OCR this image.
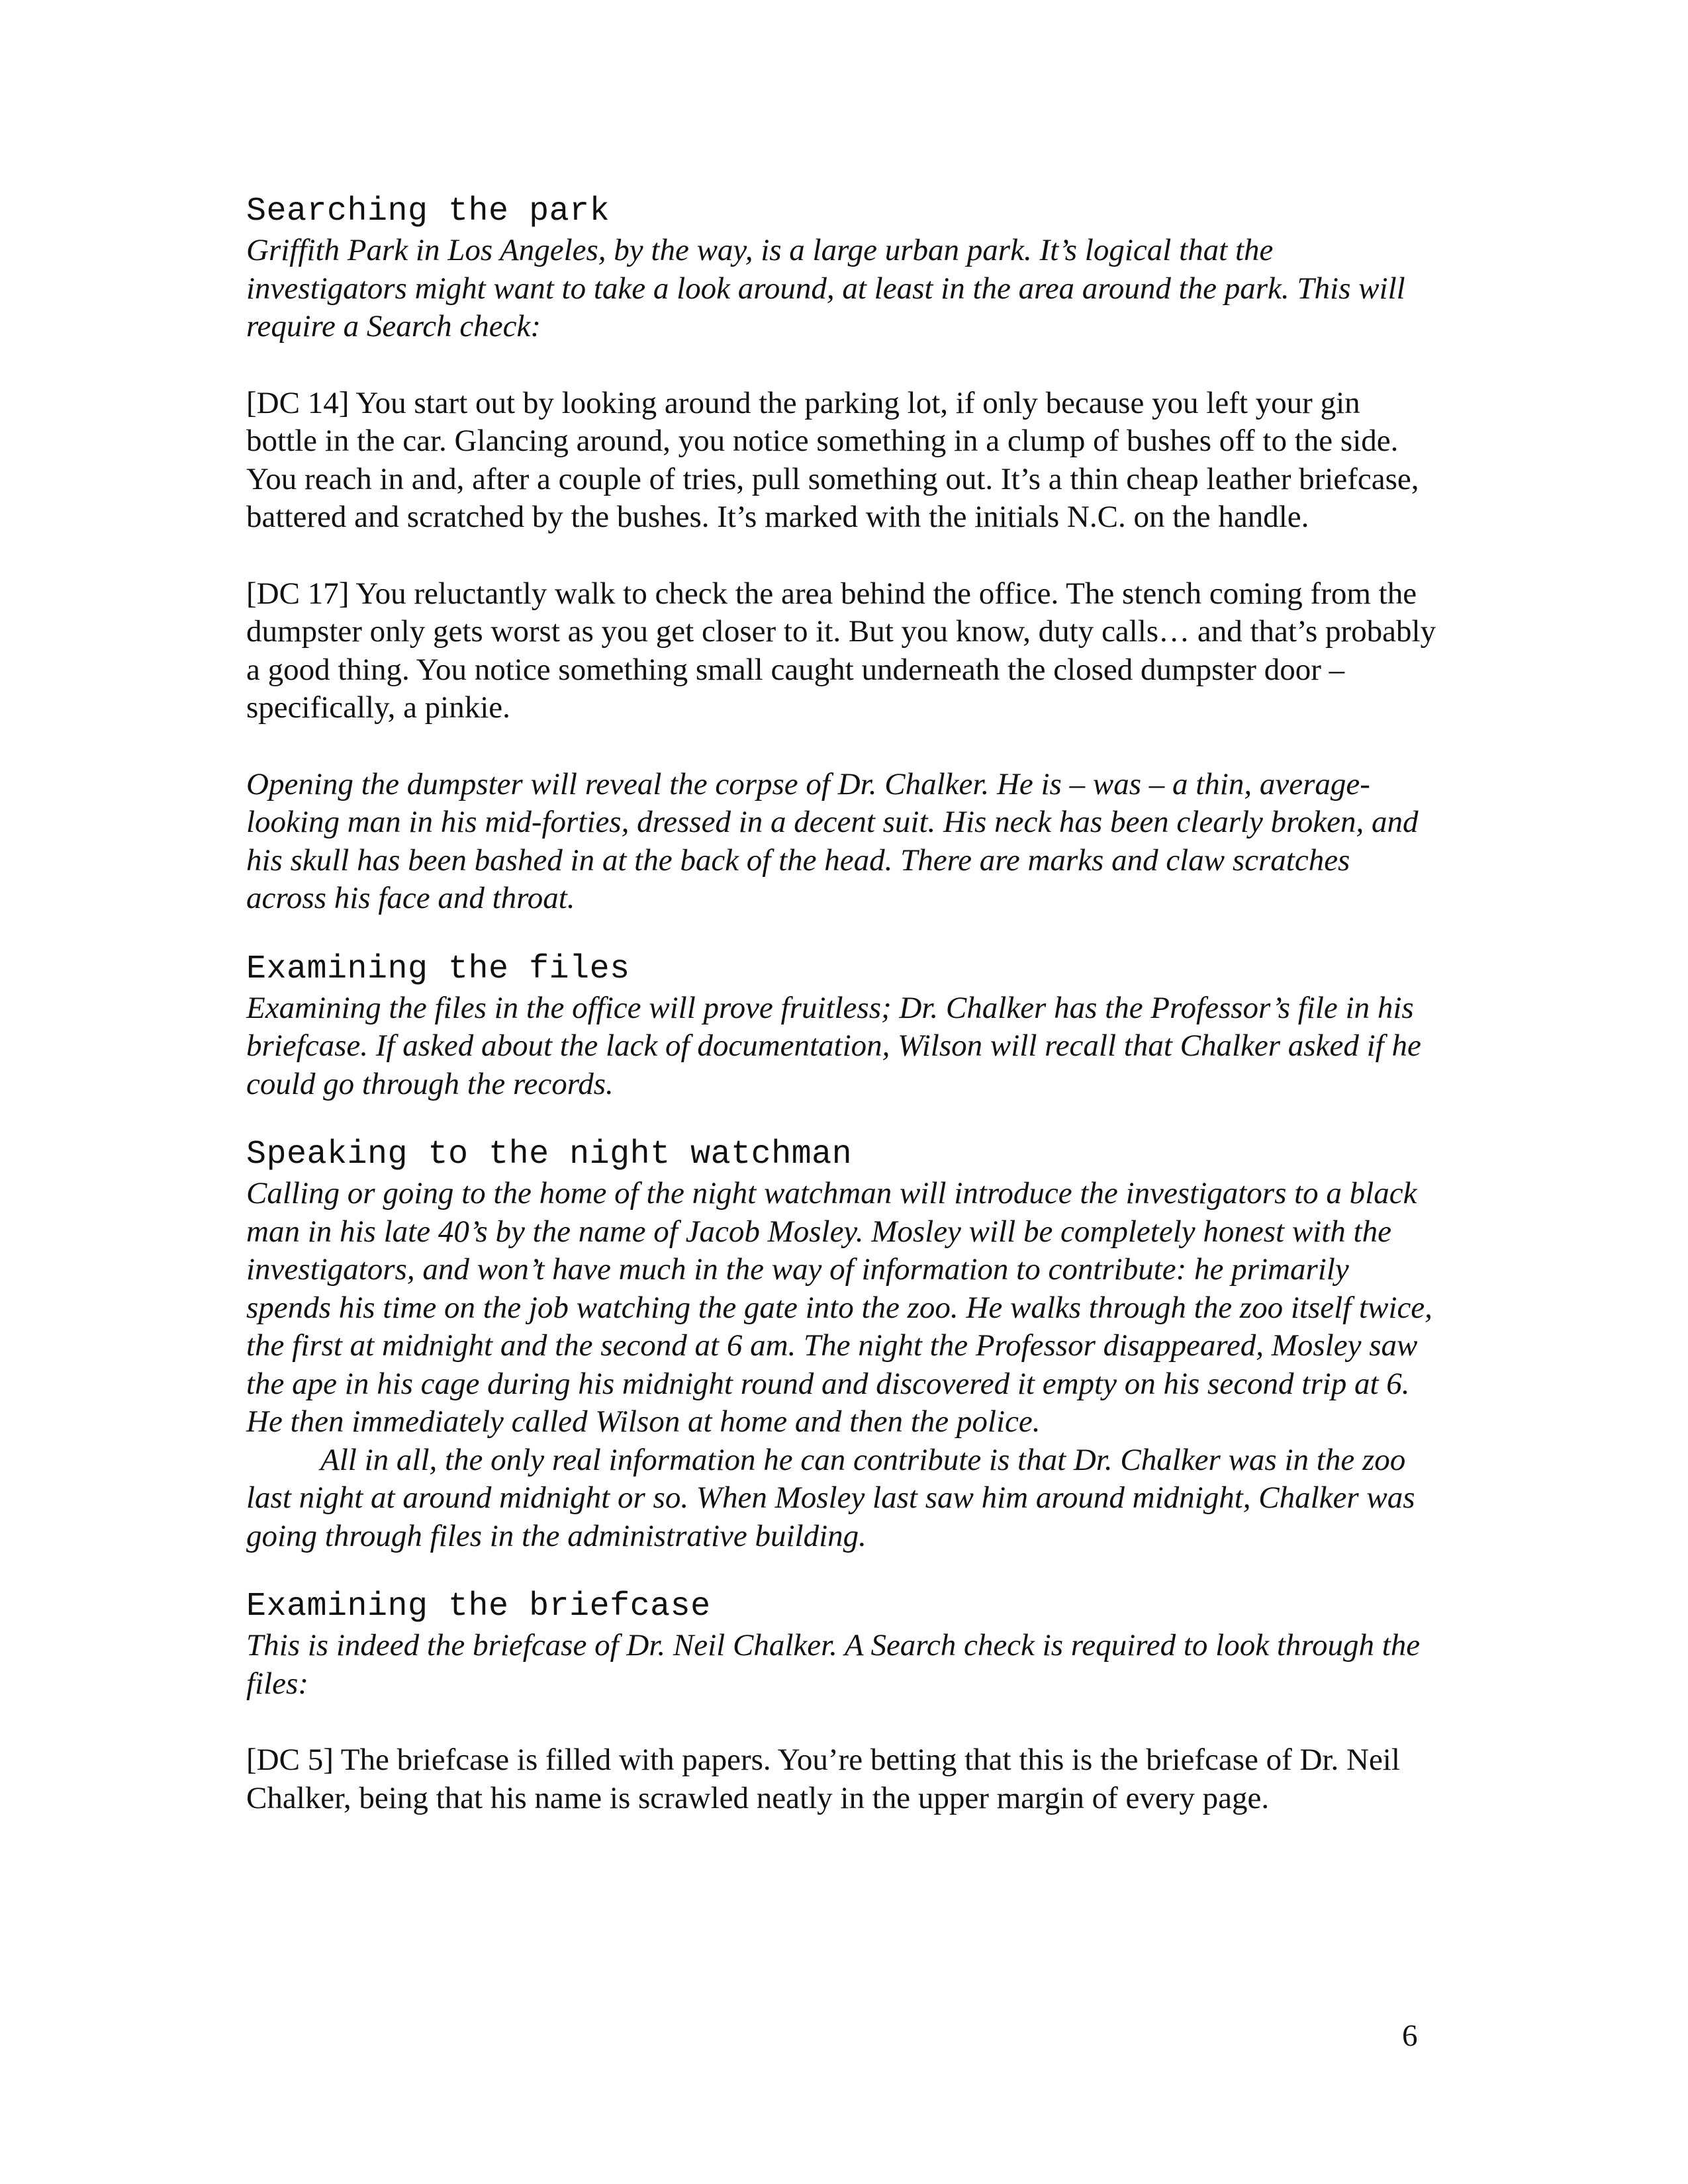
Searching the park

Griffith Park in Los Angeles, by the way, is a large urban park. It’s logical that the investigators might want to take a look around, at least in the area around the park. This will require a Search check:

[DC 14] You start out by looking around the parking lot, if only because you left your gin bottle in the car. Glancing around, you notice something in a clump of bushes off to the side. You reach in and, after a couple of tries, pull something out. It’s a thin cheap leather briefcase, battered and scratched by the bushes. It’s marked with the initials N.C. on the handle.

[DC 17] You reluctantly walk to check the area behind the office. The stench coming from the dumpster only gets worst as you get closer to it. But you know, duty calls… and that’s probably a good thing. You notice something small caught underneath the closed dumpster door – specifically, a pinkie.

Opening the dumpster will reveal the corpse of Dr. Chalker. He is – was – a thin, average-looking man in his mid-forties, dressed in a decent suit. His neck has been clearly broken, and his skull has been bashed in at the back of the head. There are marks and claw scratches across his face and throat.

Examining the files

Examining the files in the office will prove fruitless; Dr. Chalker has the Professor’s file in his briefcase. If asked about the lack of documentation, Wilson will recall that Chalker asked if he could go through the records.

Speaking to the night watchman

Calling or going to the home of the night watchman will introduce the investigators to a black man in his late 40’s by the name of Jacob Mosley. Mosley will be completely honest with the investigators, and won’t have much in the way of information to contribute: he primarily spends his time on the job watching the gate into the zoo. He walks through the zoo itself twice, the first at midnight and the second at 6 am. The night the Professor disappeared, Mosley saw the ape in his cage during his midnight round and discovered it empty on his second trip at 6. He then immediately called Wilson at home and then the police.

All in all, the only real information he can contribute is that Dr. Chalker was in the zoo last night at around midnight or so. When Mosley last saw him around midnight, Chalker was going through files in the administrative building.

Examining the briefcase

This is indeed the briefcase of Dr. Neil Chalker. A Search check is required to look through the files:

[DC 5] The briefcase is filled with papers. You’re betting that this is the briefcase of Dr. Neil Chalker, being that his name is scrawled neatly in the upper margin of every page.

6
